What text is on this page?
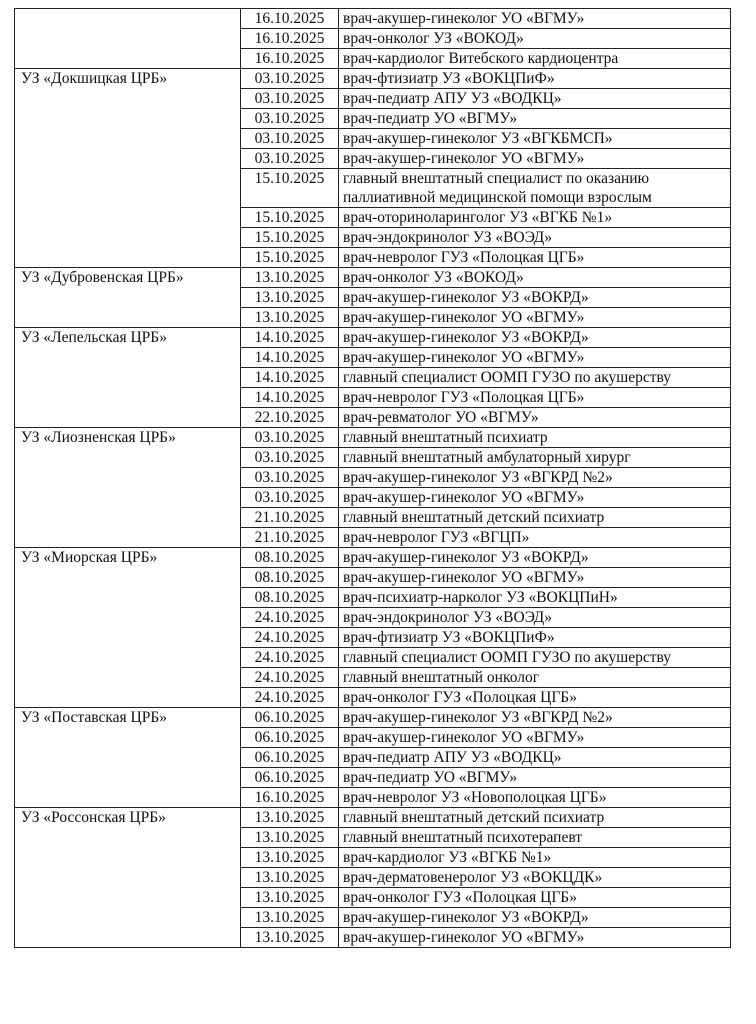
	16.10.2025	врач-акушер-гинеколог УО «ВГМУ»
	16.10.2025	врач-онколог УЗ «ВОКОД»
	16.10.2025	врач-кардиолог Витебского кардиоцентра
УЗ «Докшицкая ЦРБ»	03.10.2025	врач-фтизиатр УЗ «ВОКЦПиФ»
	03.10.2025	врач-педиатр АПУ УЗ «ВОДКЦ»
	03.10.2025	врач-педиатр УО «ВГМУ»
	03.10.2025	врач-акушер-гинеколог УЗ «ВГКБМСП»
	03.10.2025	врач-акушер-гинеколог УО «ВГМУ»
	15.10.2025	главный внештатный специалист по оказанию паллиативной медицинской помощи взрослым
	15.10.2025	врач-оториноларинголог УЗ «ВГКБ №1»
	15.10.2025	врач-эндокринолог УЗ «ВОЭД»
	15.10.2025	врач-невролог ГУЗ «Полоцкая ЦГБ»
УЗ «Дубровенская ЦРБ»	13.10.2025	врач-онколог УЗ «ВОКОД»
	13.10.2025	врач-акушер-гинеколог УЗ «ВОКРД»
	13.10.2025	врач-акушер-гинеколог УО «ВГМУ»
УЗ «Лепельская ЦРБ»	14.10.2025	врач-акушер-гинеколог УЗ «ВОКРД»
	14.10.2025	врач-акушер-гинеколог УО «ВГМУ»
	14.10.2025	главный специалист ООМП ГУЗО по акушерству
	14.10.2025	врач-невролог ГУЗ «Полоцкая ЦГБ»
	22.10.2025	врач-ревматолог УО «ВГМУ»
УЗ «Лиозненская ЦРБ»	03.10.2025	главный внештатный психиатр
	03.10.2025	главный внештатный амбулаторный хирург
	03.10.2025	врач-акушер-гинеколог УЗ «ВГКРД №2»
	03.10.2025	врач-акушер-гинеколог УО «ВГМУ»
	21.10.2025	главный внештатный детский психиатр
	21.10.2025	врач-невролог ГУЗ «ВГЦП»
УЗ «Миорская ЦРБ»	08.10.2025	врач-акушер-гинеколог УЗ «ВОКРД»
	08.10.2025	врач-акушер-гинеколог УО «ВГМУ»
	08.10.2025	врач-психиатр-нарколог УЗ «ВОКЦПиН»
	24.10.2025	врач-эндокринолог УЗ «ВОЭД»
	24.10.2025	врач-фтизиатр УЗ «ВОКЦПиФ»
	24.10.2025	главный специалист ООМП ГУЗО по акушерству
	24.10.2025	главный внештатный онколог
	24.10.2025	врач-онколог ГУЗ «Полоцкая ЦГБ»
УЗ «Поставская ЦРБ»	06.10.2025	врач-акушер-гинеколог УЗ «ВГКРД №2»
	06.10.2025	врач-акушер-гинеколог УО «ВГМУ»
	06.10.2025	врач-педиатр АПУ УЗ «ВОДКЦ»
	06.10.2025	врач-педиатр УО «ВГМУ»
	16.10.2025	врач-невролог УЗ «Новополоцкая ЦГБ»
УЗ «Россонская ЦРБ»	13.10.2025	главный внештатный детский психиатр
	13.10.2025	главный внештатный психотерапевт
	13.10.2025	врач-кардиолог УЗ «ВГКБ №1»
	13.10.2025	врач-дерматовенеролог УЗ «ВОКЦДК»
	13.10.2025	врач-онколог ГУЗ «Полоцкая ЦГБ»
	13.10.2025	врач-акушер-гинеколог УЗ «ВОКРД»
	13.10.2025	врач-акушер-гинеколог УО «ВГМУ»
